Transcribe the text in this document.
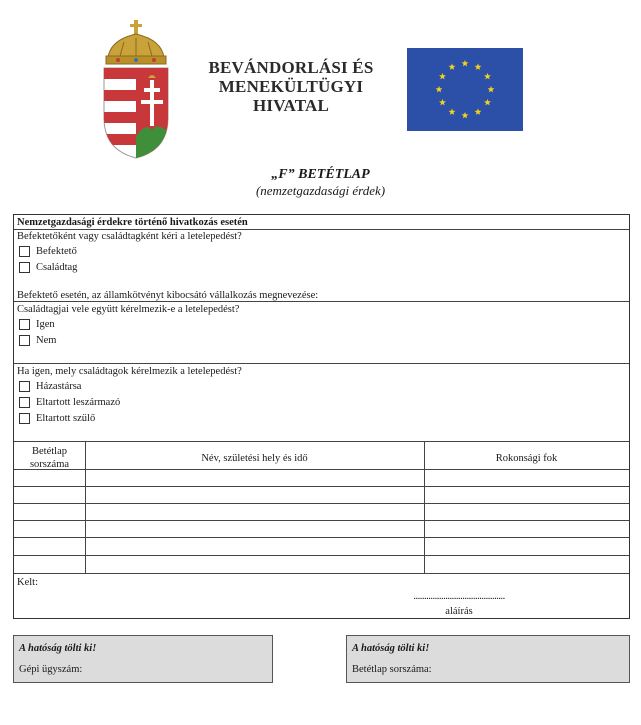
BEVÁNDORLÁSI ÉS
MENEKÜLTÜGYI
HIVATAL
„F” BETÉTLAP
(nemzetgazdasági érdek)
Nemzetgazdasági érdekre történő hivatkozás esetén
Befektetőként vagy családtagként kéri a letelepedést?
Befektető
Családtag
Befektető esetén, az államkötvényt kibocsátó vállalkozás megnevezése:
Családtagjai vele együtt kérelmezik-e a letelepedést?
Igen
Nem
Ha igen, mely családtagok kérelmezik a letelepedést?
Házastársa
Eltartott leszármazó
Eltartott szülő
Betétlap
sorszáma
Név, születési hely és idő	Rokonsági fok
Kelt:
...........................................
aláírás
A hatóság tölti ki!
Gépi ügyszám:
A hatóság tölti ki!
Betétlap sorszáma:
